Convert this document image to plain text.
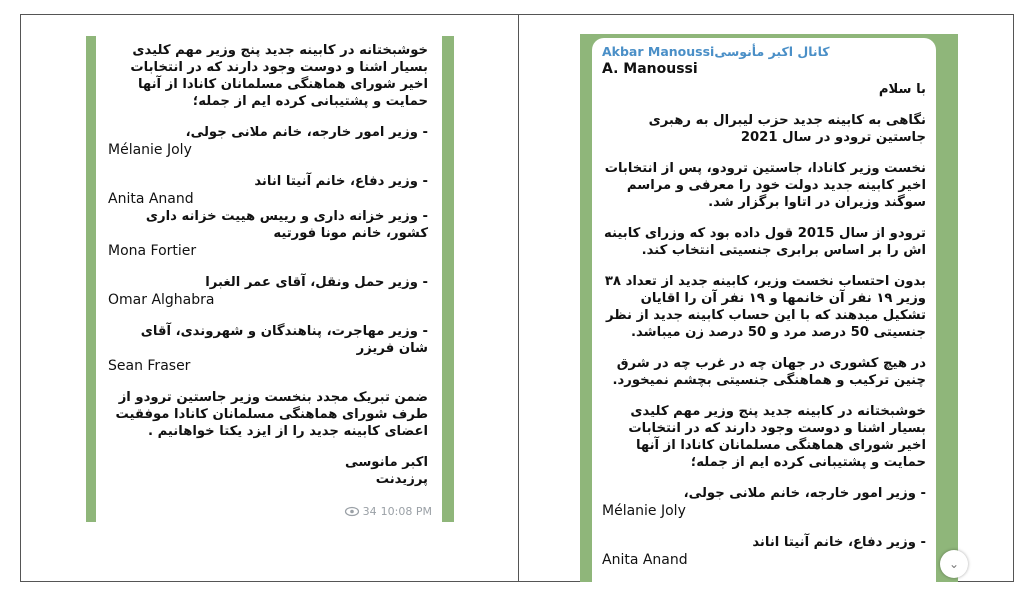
خوشبختانه در کابینه جدید پنج وزیر مهم کلیدی بسیار اشنا و دوست وجود دارند که در انتخابات اخیر شورای هماهنگی مسلمانان کانادا از آنها حمایت و پشتیبانی کرده ایم از جمله؛

- وزیر امور خارجه، خانم ملانی جولی،

Mélanie Joly

- وزیر دفاع، خانم آنیتا اناند

Anita Anand

- وزیر خزانه داری و رییس هییت خزانه داری کشور، خانم مونا فورتیه

Mona Fortier

- وزیر حمل ونقل، آقای عمر الغبرا

Omar Alghabra

- وزیر مهاجرت، پناهندگان و شهروندی، آقای شان فریزر

Sean Fraser

ضمن تبریک مجدد بنخست وزیر جاستین ترودو از طرف شورای هماهنگی مسلمانان کانادا موفقیت اعضای کابینه جدید را از ایزد یکتا خواهانیم .

اکبر مانوسی

پرزیدنت

34 10:08 PM

Akbar Manoussiکانال اکبر مأنوسی

A. Manoussi

با سلام

نگاهی به کابینه جدید حزب لیبرال به رهبری جاستین ترودو در سال 2021

نخست وزیر کانادا، جاستین ترودو، پس از انتخابات اخیر کابینه جدید دولت خود را معرفی و مراسم سوگند وزیران در اتاوا برگزار شد.

ترودو از سال 2015 قول داده بود که وزرای کابینه اش را بر اساس برابری جنسیتی انتخاب کند.

بدون احتساب نخست وزیر، کابینه جدید از تعداد ۳۸ وزیر ۱۹ نفر آن خانمها و ۱۹ نفر آن را اقایان تشکیل میدهند که با این حساب کابینه جدید از نظر جنسیتی 50 درصد مرد و 50 درصد زن میباشد.

در هیچ کشوری در جهان چه در غرب چه در شرق چنین ترکیب و هماهنگی جنسیتی بچشم نمیخورد.

خوشبختانه در کابینه جدید پنج وزیر مهم کلیدی بسیار اشنا و دوست وجود دارند که در انتخابات اخیر شورای هماهنگی مسلمانان کانادا از آنها حمایت و پشتیبانی کرده ایم از جمله؛

- وزیر امور خارجه، خانم ملانی جولی،

Mélanie Joly

- وزیر دفاع، خانم آنیتا اناند

Anita Anand	⌄
